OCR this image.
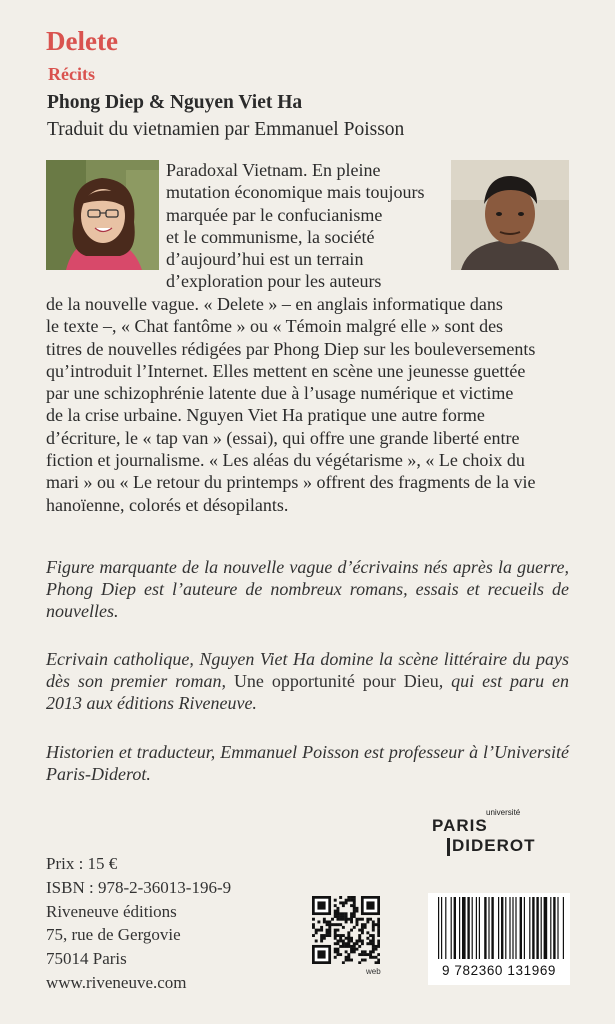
Delete
Récits
Phong Diep & Nguyen Viet Ha
Traduit du vietnamien par Emmanuel Poisson

Paradoxal Vietnam. En pleine

mutation économique mais toujours

marquée par le confucianisme

et le communisme, la société

d’aujourd’hui est un terrain

d’exploration pour les auteurs

de la nouvelle vague. « Delete » – en anglais informatique dans

le texte –, « Chat fantôme » ou « Témoin malgré elle » sont des

titres de nouvelles rédigées par Phong Diep sur les bouleversements

qu’introduit l’Internet. Elles mettent en scène une jeunesse guettée

par une schizophrénie latente due à l’usage numérique et victime

de la crise urbaine. Nguyen Viet Ha pratique une autre forme

d’écriture, le « tap van » (essai), qui offre une grande liberté entre

fiction et journalisme. « Les aléas du végétarisme », « Le choix du

mari » ou « Le retour du printemps » offrent des fragments de la vie

hanoïenne, colorés et désopilants.

Figure marquante de la nouvelle vague d’écrivains nés après la guerre, Phong Diep est l’auteure de nombreux romans, essais et recueils de nouvelles.

Ecrivain catholique, Nguyen Viet Ha domine la scène littéraire du pays dès son premier roman, Une opportunité pour Dieu, qui est paru en 2013 aux éditions Riveneuve.

Historien et traducteur, Emmanuel Poisson est professeur à l’Université Paris-Diderot.

université
PARIS
DIDEROT
Prix : 15 €
ISBN : 978-2-36013-196-9
Riveneuve éditions
75, rue de Gergovie
75014 Paris
www.riveneuve.com
web	9 782360 131969
